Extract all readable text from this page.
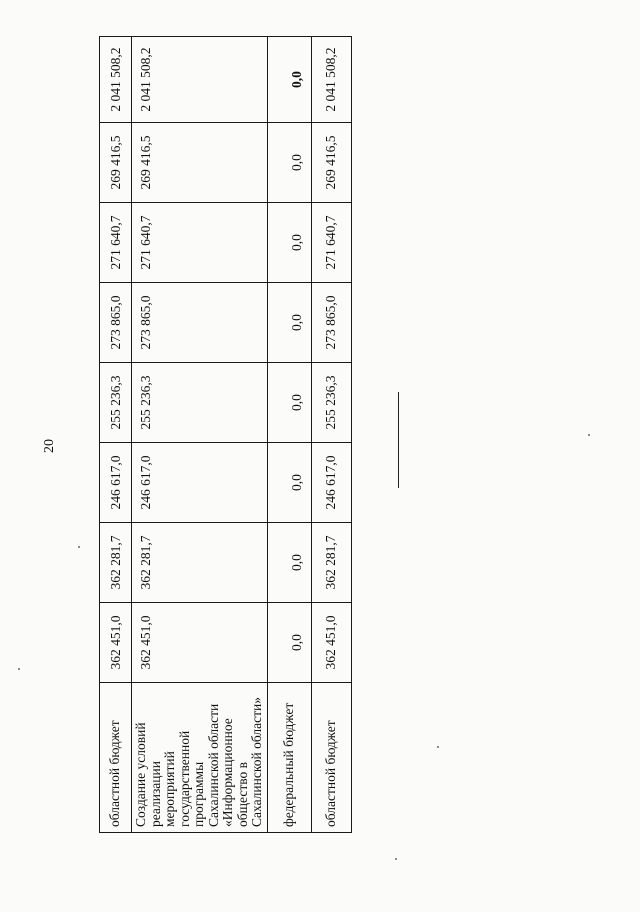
20
областной бюджет	362 451,0	362 281,7	246 617,0	255 236,3	273 865,0	271 640,7	269 416,5	2 041 508,2
Создание условий реализации мероприятий государственной программы Сахалинской области «Информационное общество в Сахалинской области»	362 451,0	362 281,7	246 617,0	255 236,3	273 865,0	271 640,7	269 416,5	2 041 508,2
федеральный бюджет	0,0	0,0	0,0	0,0	0,0	0,0	0,0	0,0
областной бюджет	362 451,0	362 281,7	246 617,0	255 236,3	273 865,0	271 640,7	269 416,5	2 041 508,2
